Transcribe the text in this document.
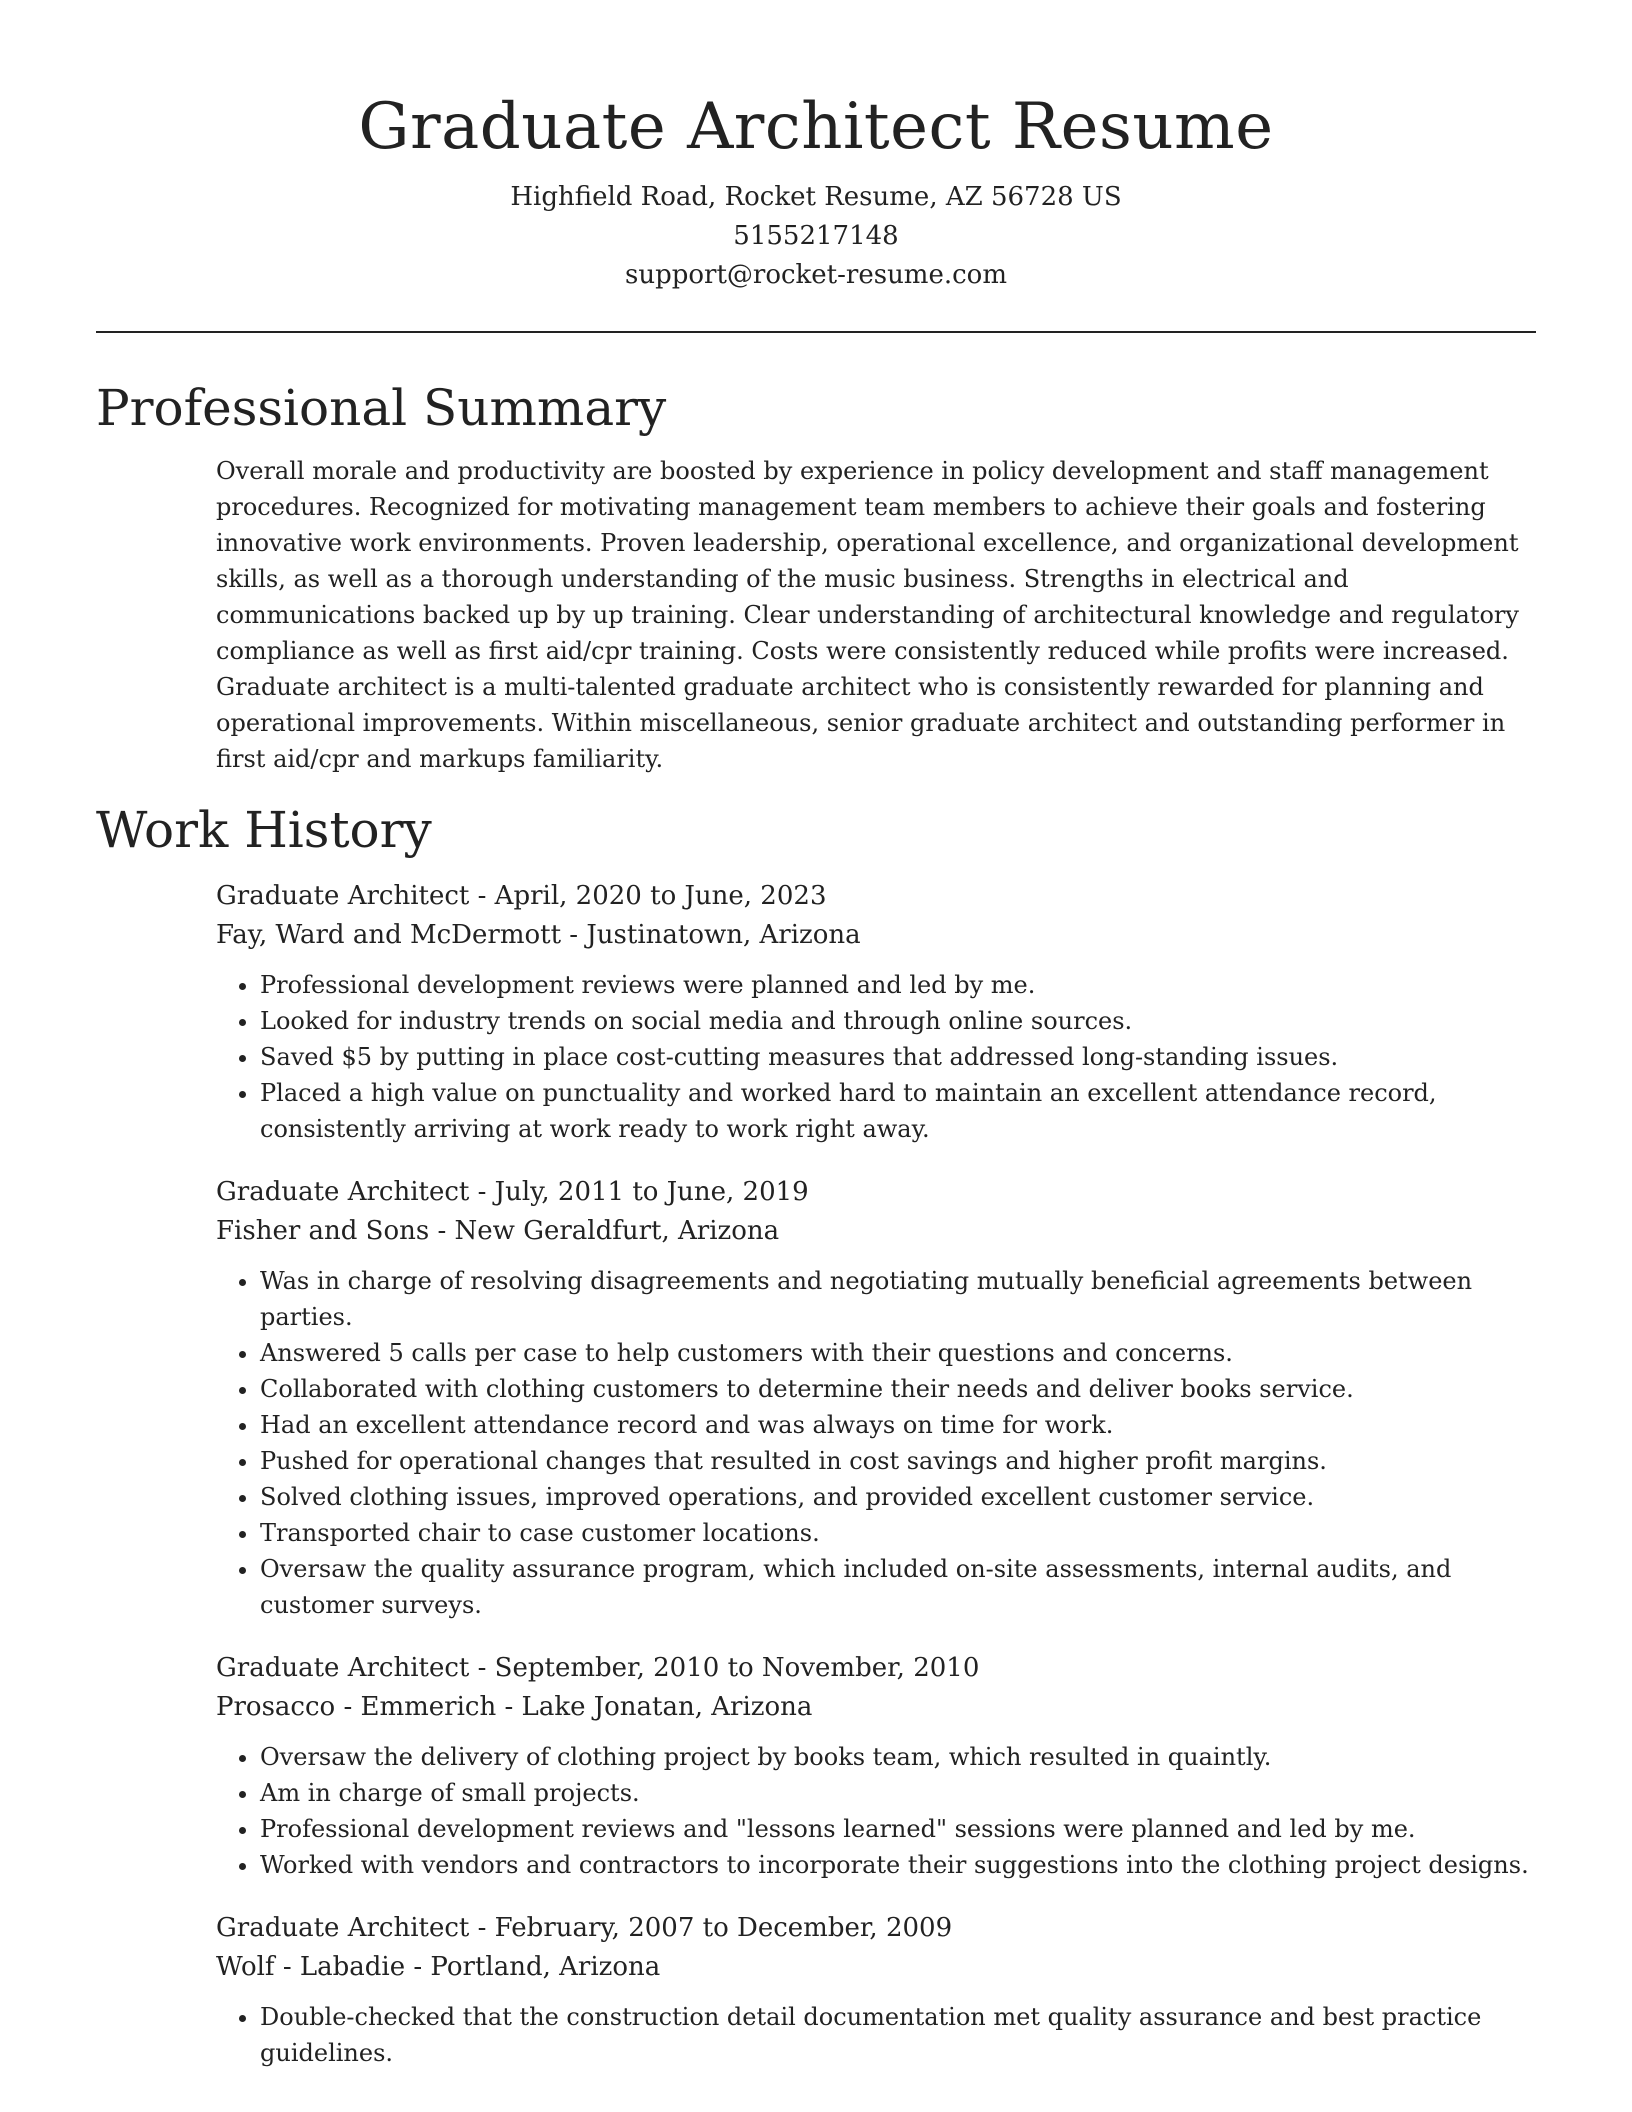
Graduate Architect Resume
Highfield Road, Rocket Resume, AZ 56728 US
5155217148
support@rocket-resume.com
Professional Summary
Overall morale and productivity are boosted by experience in policy development and staff management procedures. Recognized for motivating management team members to achieve their goals and fostering innovative work environments. Proven leadership, operational excellence, and organizational development skills, as well as a thorough understanding of the music business. Strengths in electrical and communications backed up by up training. Clear understanding of architectural knowledge and regulatory compliance as well as first aid/cpr training. Costs were consistently reduced while profits were increased. Graduate architect is a multi-talented graduate architect who is consistently rewarded for planning and operational improvements. Within miscellaneous, senior graduate architect and outstanding performer in first aid/cpr and markups familiarity.
Work History
Graduate Architect - April, 2020 to June, 2023
Fay, Ward and McDermott - Justinatown, Arizona
• Professional development reviews were planned and led by me.
• Looked for industry trends on social media and through online sources.
• Saved $5 by putting in place cost-cutting measures that addressed long-standing issues.
• Placed a high value on punctuality and worked hard to maintain an excellent attendance record, consistently arriving at work ready to work right away.
Graduate Architect - July, 2011 to June, 2019
Fisher and Sons - New Geraldfurt, Arizona
• Was in charge of resolving disagreements and negotiating mutually beneficial agreements between parties.
• Answered 5 calls per case to help customers with their questions and concerns.
• Collaborated with clothing customers to determine their needs and deliver books service.
• Had an excellent attendance record and was always on time for work.
• Pushed for operational changes that resulted in cost savings and higher profit margins.
• Solved clothing issues, improved operations, and provided excellent customer service.
• Transported chair to case customer locations.
• Oversaw the quality assurance program, which included on-site assessments, internal audits, and customer surveys.
Graduate Architect - September, 2010 to November, 2010
Prosacco - Emmerich - Lake Jonatan, Arizona
• Oversaw the delivery of clothing project by books team, which resulted in quaintly.
• Am in charge of small projects.
• Professional development reviews and "lessons learned" sessions were planned and led by me.
• Worked with vendors and contractors to incorporate their suggestions into the clothing project designs.
Graduate Architect - February, 2007 to December, 2009
Wolf - Labadie - Portland, Arizona
• Double-checked that the construction detail documentation met quality assurance and best practice guidelines.
